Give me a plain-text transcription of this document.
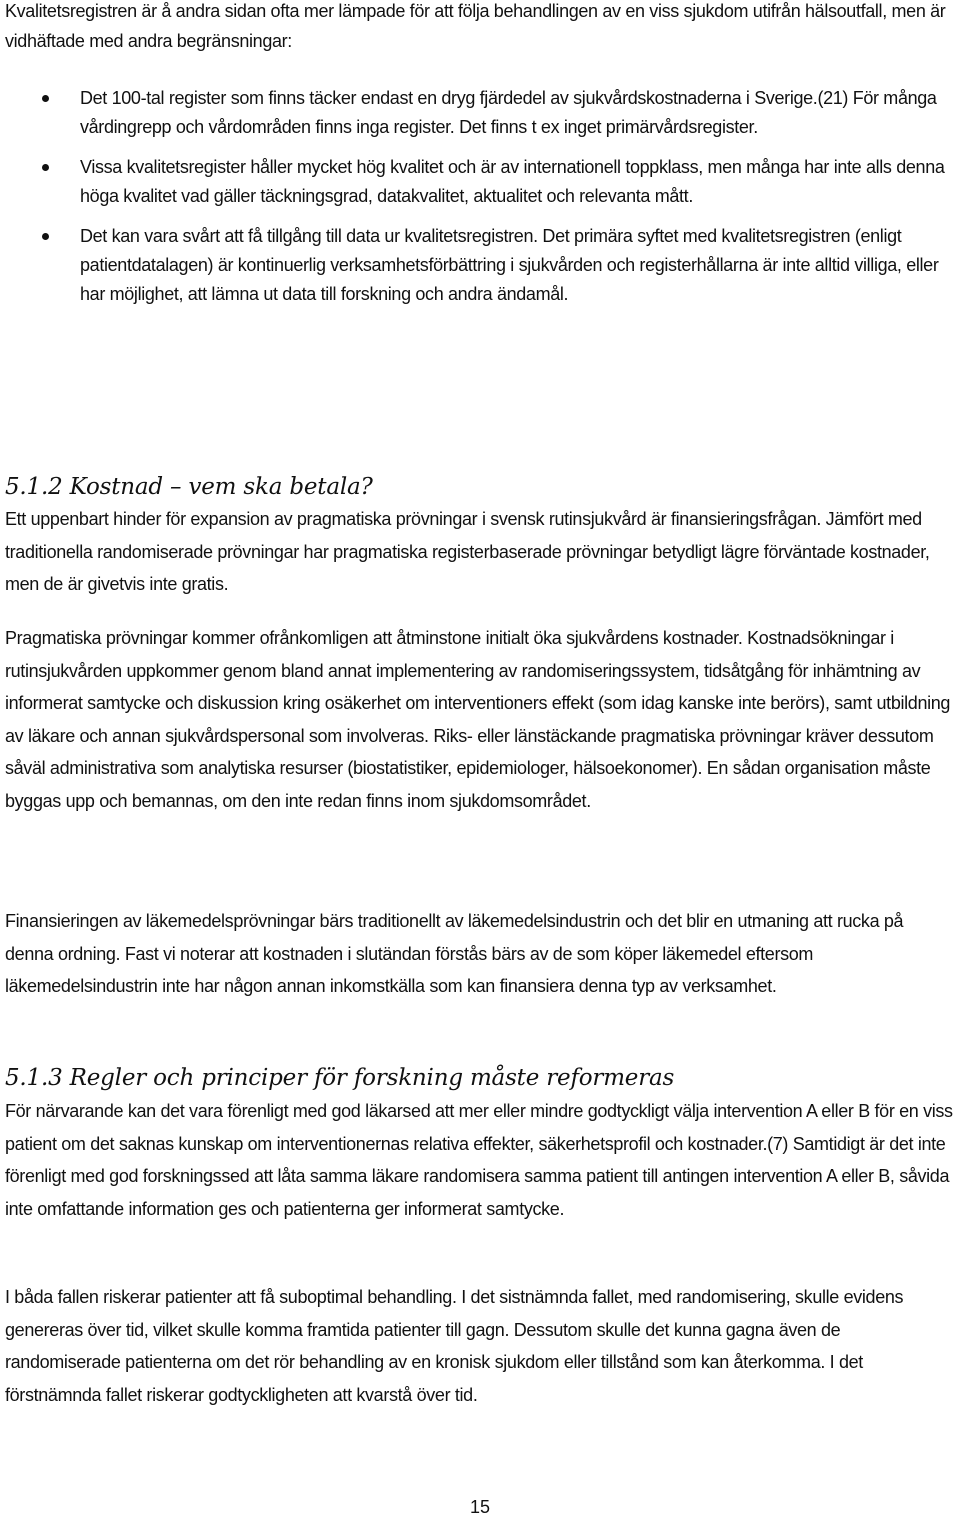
Kvalitetsregistren är å andra sidan ofta mer lämpade för att följa behandlingen av en viss sjukdom utifrån hälsoutfall, men är vidhäftade med andra begränsningar:

Det 100-tal register som finns täcker endast en dryg fjärdedel av sjukvårdskostnaderna i Sverige.(21) För många vårdingrepp och vårdområden finns inga register. Det finns t ex inget primärvårdsregister.
Vissa kvalitetsregister håller mycket hög kvalitet och är av internationell toppklass, men många har inte alls denna höga kvalitet vad gäller täckningsgrad, datakvalitet, aktualitet och relevanta mått.
Det kan vara svårt att få tillgång till data ur kvalitetsregistren. Det primära syftet med kvalitetsregistren (enligt patientdatalagen) är kontinuerlig verksamhetsförbättring i sjukvården och registerhållarna är inte alltid villiga, eller har möjlighet, att lämna ut data till forskning och andra ändamål.
5.1.2 Kostnad – vem ska betala?

Ett uppenbart hinder för expansion av pragmatiska prövningar i svensk rutinsjukvård är finansieringsfrågan. Jämfört med traditionella randomiserade prövningar har pragmatiska registerbaserade prövningar betydligt lägre förväntade kostnader, men de är givetvis inte gratis.

Pragmatiska prövningar kommer ofrånkomligen att åtminstone initialt öka sjukvårdens kostnader. Kostnadsökningar i rutinsjukvården uppkommer genom bland annat implementering av randomiseringssystem, tidsåtgång för inhämtning av informerat samtycke och diskussion kring osäkerhet om interventioners effekt (som idag kanske inte berörs), samt utbildning av läkare och annan sjukvårdspersonal som involveras. Riks- eller länstäckande pragmatiska prövningar kräver dessutom såväl administrativa som analytiska resurser (biostatistiker, epidemiologer, hälsoekonomer). En sådan organisation måste byggas upp och bemannas, om den inte redan finns inom sjukdomsområdet.

Finansieringen av läkemedelsprövningar bärs traditionellt av läkemedelsindustrin och det blir en utmaning att rucka på denna ordning. Fast vi noterar att kostnaden i slutändan förstås bärs av de som köper läkemedel eftersom läkemedelsindustrin inte har någon annan inkomstkälla som kan finansiera denna typ av verksamhet.

5.1.3 Regler och principer för forskning måste reformeras

För närvarande kan det vara förenligt med god läkarsed att mer eller mindre godtyckligt välja intervention A eller B för en viss patient om det saknas kunskap om interventionernas relativa effekter, säkerhetsprofil och kostnader.(7) Samtidigt är det inte förenligt med god forskningssed att låta samma läkare randomisera samma patient till antingen intervention A eller B, såvida inte omfattande information ges och patienterna ger informerat samtycke.

I båda fallen riskerar patienter att få suboptimal behandling. I det sistnämnda fallet, med randomisering, skulle evidens genereras över tid, vilket skulle komma framtida patienter till gagn. Dessutom skulle det kunna gagna även de randomiserade patienterna om det rör behandling av en kronisk sjukdom eller tillstånd som kan återkomma. I det förstnämnda fallet riskerar godtyckligheten att kvarstå över tid.

15
